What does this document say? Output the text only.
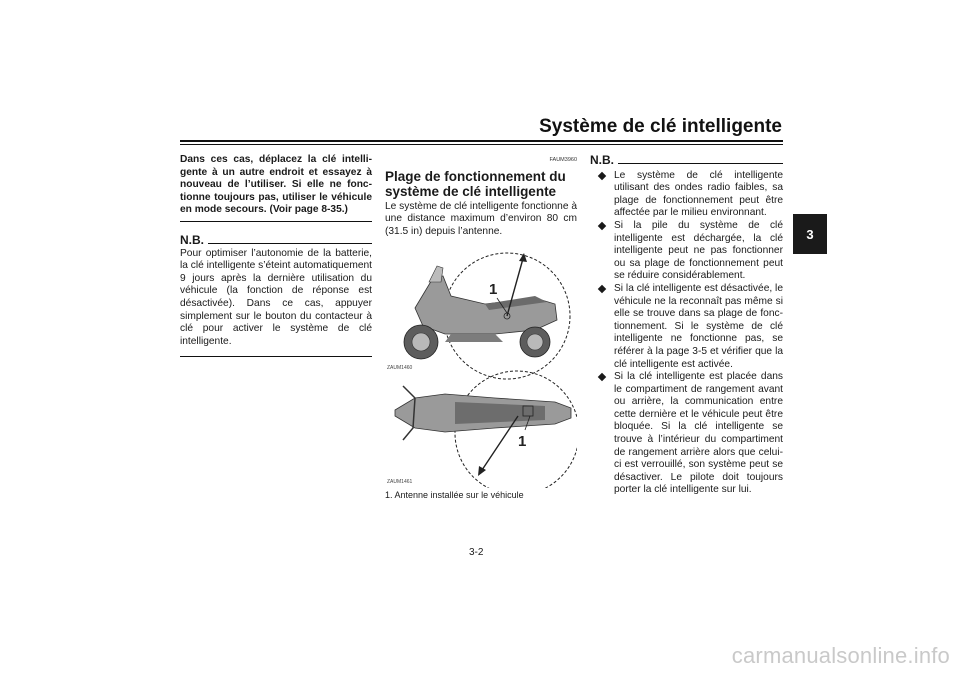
Système de clé intelligente
3
Dans ces cas, déplacez la clé intelligente à un autre endroit et essayez à nouveau de l’utiliser. Si elle ne fonctionne toujours pas, utiliser le véhicule en mode secours. (Voir page 8-35.)
N.B.
Pour optimiser l’autonomie de la batterie, la clé intelligente s’éteint automatiquement 9 jours après la dernière utilisation du véhicule (la fonction de réponse est désactivée). Dans ce cas, appuyer simplement sur le bouton du contacteur à clé pour activer le système de clé intelligente.
FAUM3960
Plage de fonctionnement du système de clé intelligente
Le système de clé intelligente fonctionne à une distance maximum d’environ 80 cm (31.5 in) depuis l’antenne.
1
ZAUM1460
1
ZAUM1461
1. Antenne installée sur le véhicule
N.B.
Le système de clé intelligente utilisant des ondes radio faibles, sa plage de fonctionnement peut être affectée par le milieu environnant.
Si la pile du système de clé intelligente est déchargée, la clé intelligente peut ne pas fonctionner ou sa plage de fonctionnement peut se réduire considérablement.
Si la clé intelligente est désactivée, le véhicule ne la reconnaît pas même si elle se trouve dans sa plage de fonctionnement. Si le système de clé intelligente ne fonctionne pas, se référer à la page 3-5 et vérifier que la clé intelligente est activée.
Si la clé intelligente est placée dans le compartiment de rangement avant ou arrière, la communication entre cette dernière et le véhicule peut être bloquée. Si la clé intelligente se trouve à l’intérieur du compartiment de rangement arrière alors que celui-ci est verrouillé, son système peut se désactiver. Le pilote doit toujours porter la clé intelligente sur lui.
3-2
carmanualsonline.info
